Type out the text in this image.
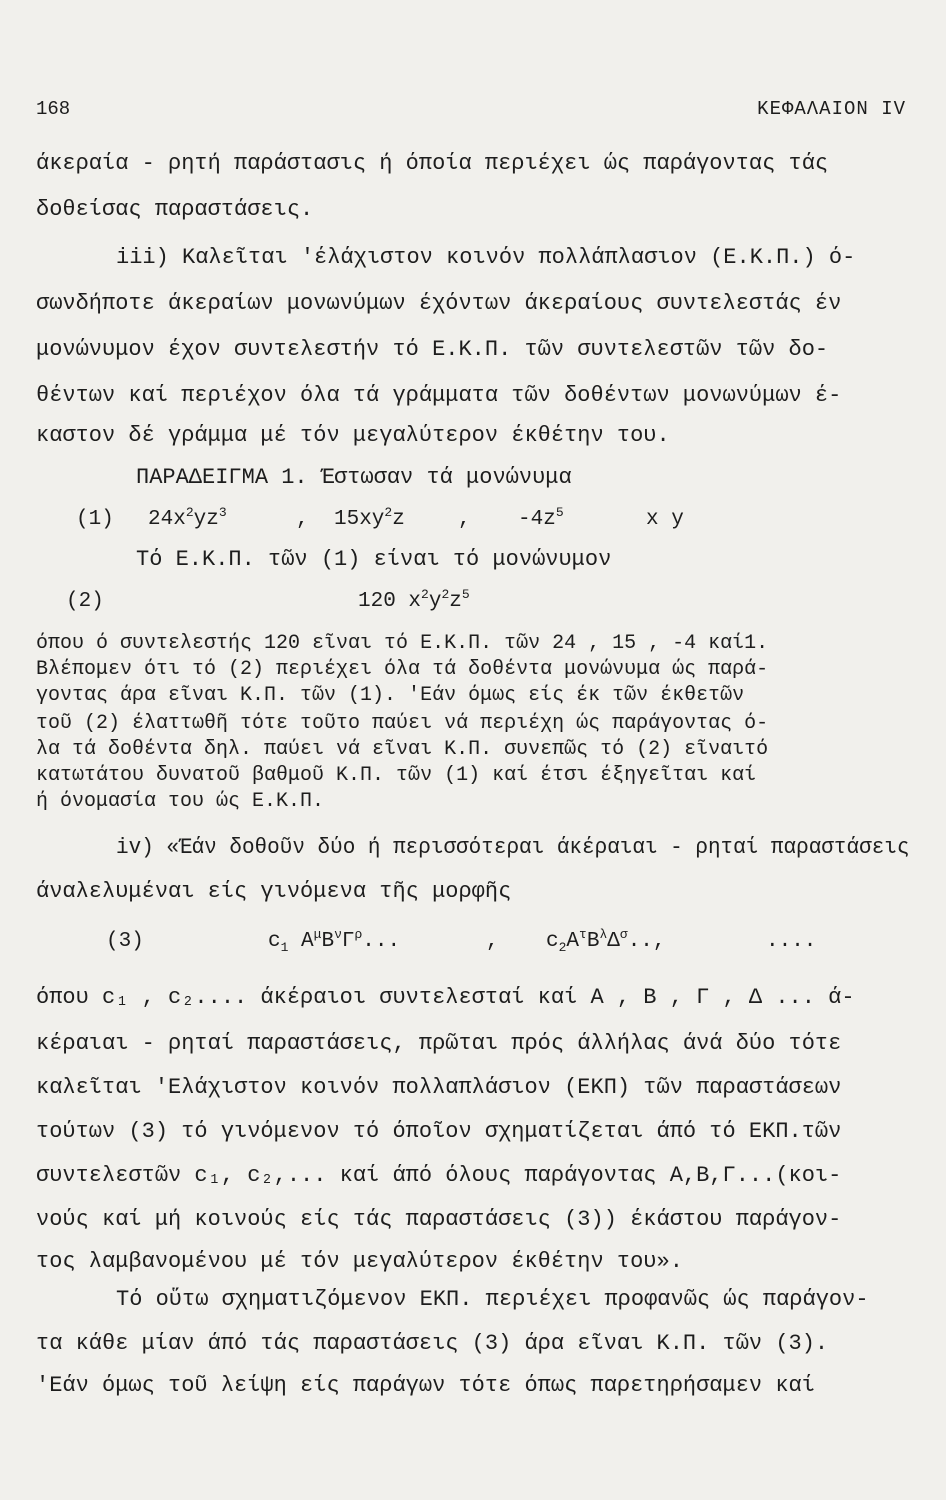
168	ΚΕΦΑΛΑΙΟΝ IV
άκεραία - ρητή παράστασις ή όποία περιέχει ώς παράγοντας τάς
δοθείσας παραστάσεις.
iii) Καλεῖται 'έλάχιστον κοινόν πολλάπλασιον (Ε.Κ.Π.) ό-
σωνδήποτε άκεραίων μονωνύμων έχόντων άκεραίους συντελεστάς έν
μονώνυμον έχον συντελεστήν τό Ε.Κ.Π. τῶν συντελεστῶν τῶν δο-
θέντων καί περιέχον όλα τά γράμματα τῶν δοθέντων μονωνύμων έ-
καστον δέ γράμμα μέ τόν μεγαλύτερον έκθέτην του.
ΠΑΡΑΔΕΙΓΜΑ 1. Έστωσαν τά μονώνυμα
(1) $24x^2yz^3$	, $15xy^2z$	, $-4z^5$	x y
Τό Ε.Κ.Π. τῶν (1) είναι τό μονώνυμον
(2)	120 $x^2y^2z^5$
όπου ό συντελεστής 120 εῖναι τό Ε.Κ.Π. τῶν 24 , 15 , -4 καί1.
Βλέπομεν ότι τό (2) περιέχει όλα τά δοθέντα μονώνυμα ώς παρά-
γοντας άρα εῖναι Κ.Π. τῶν (1). 'Εάν όμως είς έκ τῶν έκθετῶν
τοῦ (2) έλαττωθῆ τότε τοῦτο παύει νά περιέχη ώς παράγοντας ό-
λα τά δοθέντα δηλ. παύει νά εῖναι Κ.Π. συνεπῶς τό (2) εῖναιτό
κατωτάτου δυνατοῦ βαθμοῦ Κ.Π. τῶν (1) καί έτσι έξηγεῖται καί
ή όνομασία του ώς Ε.Κ.Π.
iv) «Έάν δοθοῦν δύο ή περισσότεραι άκέραιαι - ρηταί παραστάσεις
άναλελυμέναι είς γινόμενα τῆς μορφῆς
(3)	$c_1$ $A^\mu B^\nu\Gamma^\rho$...	, $c_2A^\tau B^\lambda\Delta^\sigma$..,	....
όπου c₁ , c₂.... άκέραιοι συντελεσταί καί Α , Β , Γ , Δ ... ά-
κέραιαι - ρηταί παραστάσεις, πρῶται πρός άλλήλας άνά δύο τότε
καλεῖται 'Ελάχιστον κοινόν πολλαπλάσιον (ΕΚΠ) τῶν παραστάσεων
τούτων (3) τό γινόμενον τό όποῖον σχηματίζεται άπό τό ΕΚΠ.τῶν
συντελεστῶν c₁, c₂,... καί άπό όλους παράγοντας Α,Β,Γ...(κοι-
νούς καί μή κοινούς είς τάς παραστάσεις (3)) έκάστου παράγον-
τος λαμβανομένου μέ τόν μεγαλύτερον έκθέτην του».
Τό οὕτω σχηματιζόμενον ΕΚΠ. περιέχει προφανῶς ώς παράγον-
τα κάθε μίαν άπό τάς παραστάσεις (3) άρα εῖναι Κ.Π. τῶν (3).
'Εάν όμως τοῦ λείψη είς παράγων τότε όπως παρετηρήσαμεν καί
